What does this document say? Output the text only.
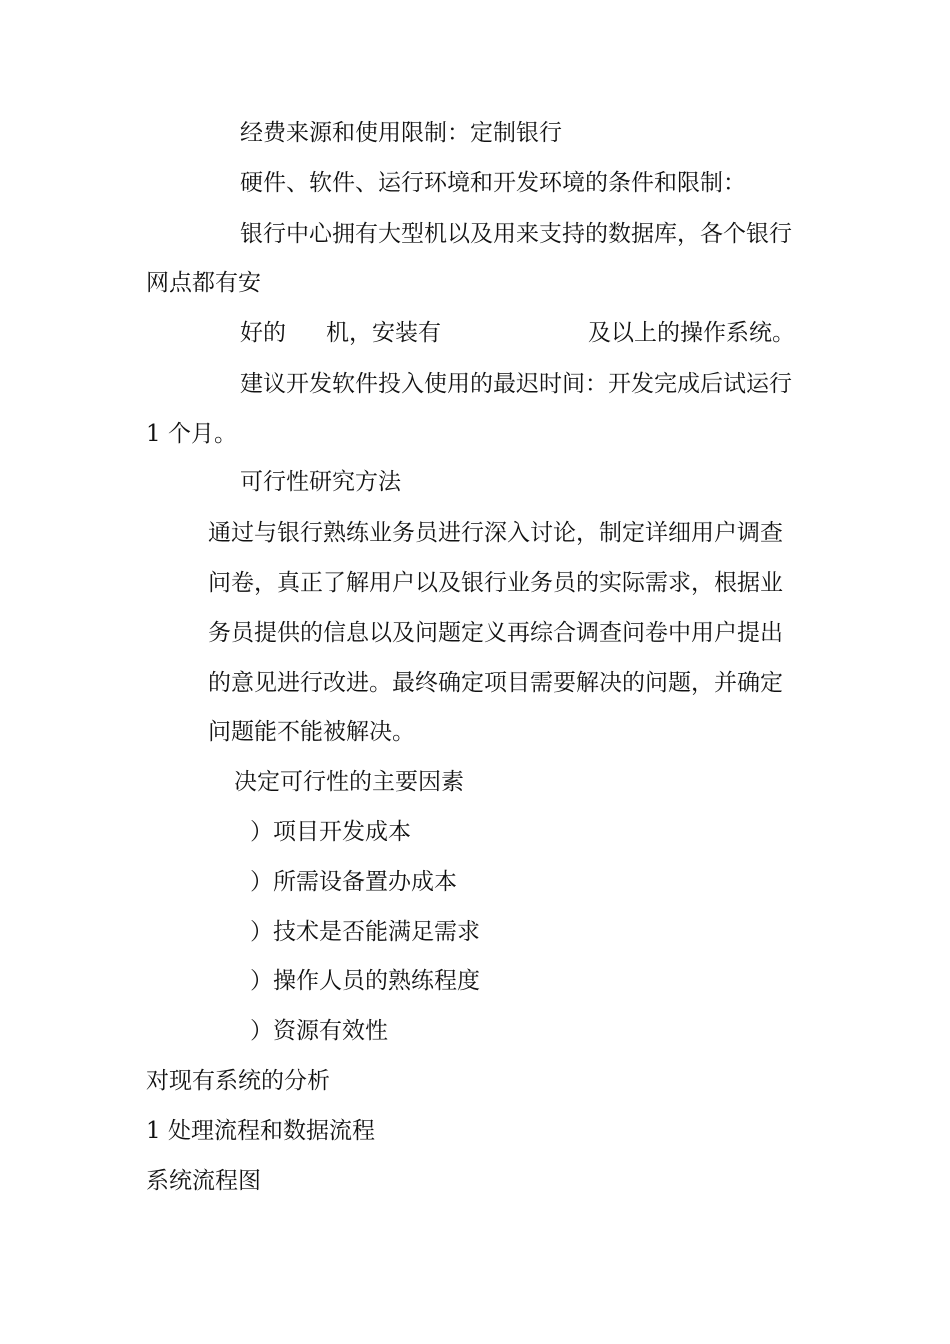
经费来源和使用限制：定制银行
硬件、软件、运行环境和开发环境的条件和限制：
银行中心拥有大型机以及用来支持的数据库，各个银行
网点都有安
好的 机，安装有	及以上的操作系统。
建议开发软件投入使用的最迟时间：开发完成后试运行
1 个月。
可行性研究方法
通过与银行熟练业务员进行深入讨论，制定详细用户调查
问卷，真正了解用户以及银行业务员的实际需求，根据业
务员提供的信息以及问题定义再综合调查问卷中用户提出
的意见进行改进。最终确定项目需要解决的问题，并确定
问题能不能被解决。
决定可行性的主要因素
）项目开发成本
）所需设备置办成本
）技术是否能满足需求
）操作人员的熟练程度
）资源有效性
对现有系统的分析
1 处理流程和数据流程
系统流程图
